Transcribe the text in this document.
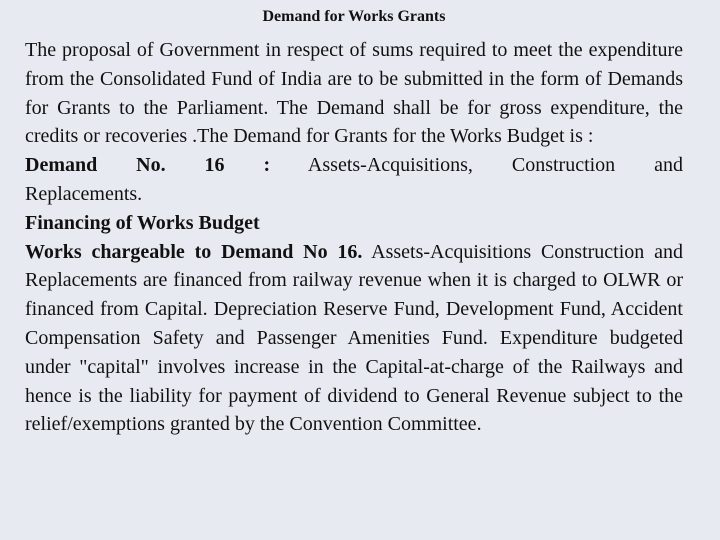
Demand for Works Grants

The proposal of Government in respect of sums required to meet the expenditure from the Consolidated Fund of India are to be submitted in the form of Demands for Grants to the Parliament. The Demand shall be for gross expenditure, the credits or recoveries .The Demand for Grants for the Works Budget is :

Demand No. 16 : Assets-Acquisitions, Construction and

Replacements.

Financing of Works Budget

Works chargeable to Demand No 16. Assets-Acquisitions Construction and Replacements are financed from railway revenue when it is charged to OLWR or financed from Capital. Depreciation Reserve Fund, Development Fund, Accident Compensation Safety and Passenger Amenities Fund. Expenditure budgeted under "capital" involves increase in the Capital-at-charge of the Railways and hence is the liability for payment of dividend to General Revenue subject to the relief/exemptions granted by the Convention Committee.
